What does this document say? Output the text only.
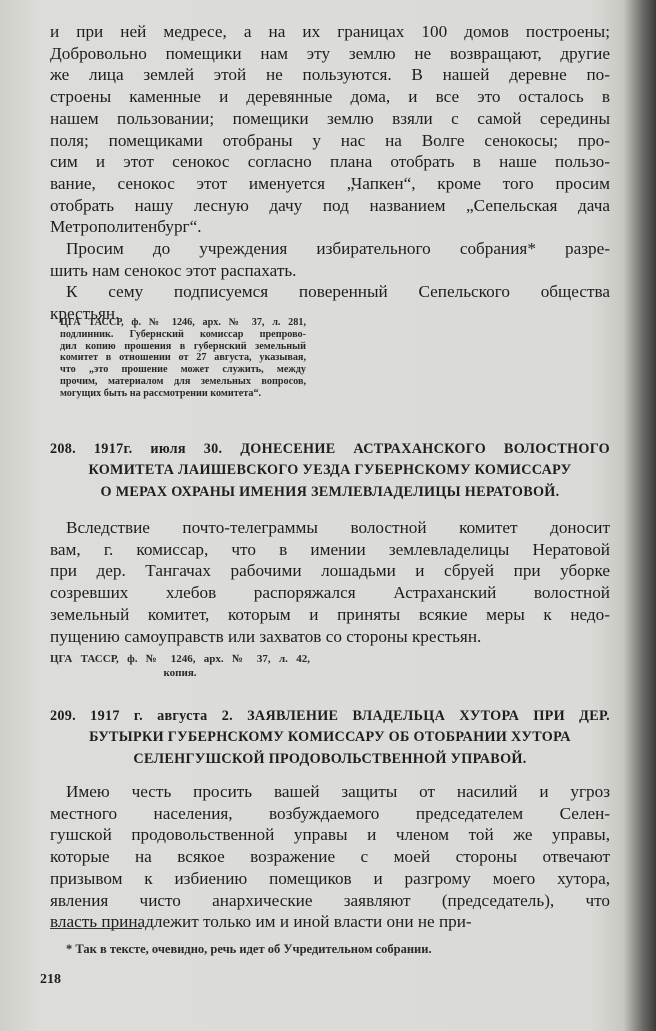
и при ней медресе, а на их границах 100 домов построены;
Добровольно помещики нам эту землю не возвращают, другие
же лица землей этой не пользуются. В нашей деревне по-
строены каменные и деревянные дома, и все это осталось в
нашем пользовании; помещики землю взяли с самой середины
поля; помещиками отобраны у нас на Волге сенокосы; про-
сим и этот сенокос согласно плана отобрать в наше пользо-
вание, сенокос этот именуется „Чапкен“, кроме того просим
отобрать нашу лесную дачу под названием „Сепельская дача
Метрополитенбург“.
Просим до учреждения избирательного собрания* разре-
шить нам сенокос этот распахать.
К сему подписуемся поверенный Сепельского общества
крестьян.
ЦГА ТАССР, ф. № 1246, арх. № 37, л. 281,
подлинник. Губернский комиссар препрово-
дил копию прошения в губернский земельный
комитет в отношении от 27 августа, указывая,
что „это прошение может служить, между
прочим, материалом для земельных вопросов,
могущих быть на рассмотрении комитета“.
208. 1917г. июля 30. ДОНЕСЕНИЕ АСТРАХАНСКОГО ВОЛОСТНОГО
КОМИТЕТА ЛАИШЕВСКОГО УЕЗДА ГУБЕРНСКОМУ КОМИССАРУ
О МЕРАХ ОХРАНЫ ИМЕНИЯ ЗЕМЛЕВЛАДЕЛИЦЫ НЕРАТОВОЙ.
Вследствие почто-телеграммы волостной комитет доносит
вам, г. комиссар, что в имении землевладелицы Нератовой
при дер. Тангачах рабочими лошадьми и сбруей при уборке
созревших хлебов распоряжался Астраханский волостной
земельный комитет, которым и приняты всякие меры к недо-
пущению самоуправств или захватов со стороны крестьян.
ЦГА ТАССР, ф. № 1246, арх. № 37, л. 42,
копия.
209. 1917 г. августа 2. ЗАЯВЛЕНИЕ ВЛАДЕЛЬЦА ХУТОРА ПРИ ДЕР.
БУТЫРКИ ГУБЕРНСКОМУ КОМИССАРУ ОБ ОТОБРАНИИ ХУТОРА
СЕЛЕНГУШСКОЙ ПРОДОВОЛЬСТВЕННОЙ УПРАВОЙ.
Имею честь просить вашей защиты от насилий и угроз
местного населения, возбуждаемого председателем Селен-
гушской продовольственной управы и членом той же управы,
которые на всякое возражение с моей стороны отвечают
призывом к избиению помещиков и разгрому моего хутора,
явления чисто анархические заявляют (председатель), что
власть принадлежит только им и иной власти они не при-
* Так в тексте, очевидно, речь идет об Учредительном собрании.
218
